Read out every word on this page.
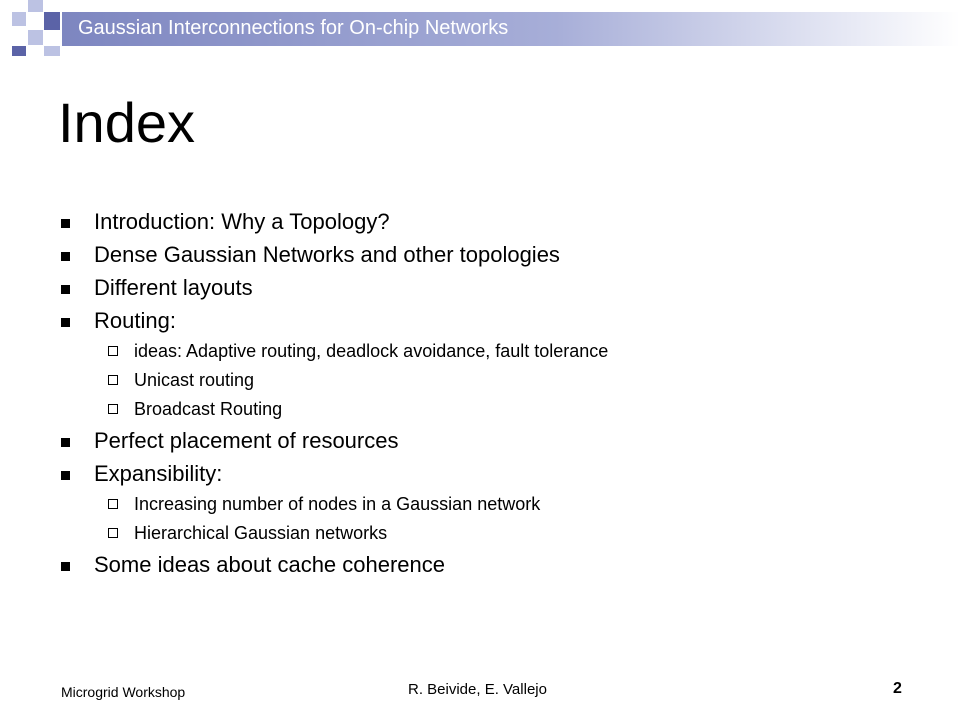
Gaussian Interconnections for On-chip Networks
Index
Introduction: Why a Topology?
Dense Gaussian Networks and other topologies
Different layouts
Routing:
ideas: Adaptive routing, deadlock avoidance, fault tolerance
Unicast routing
Broadcast Routing
Perfect placement of resources
Expansibility:
Increasing number of nodes in a Gaussian network
Hierarchical Gaussian networks
Some ideas about cache coherence
Microgrid Workshop	R. Beivide, E. Vallejo	2
